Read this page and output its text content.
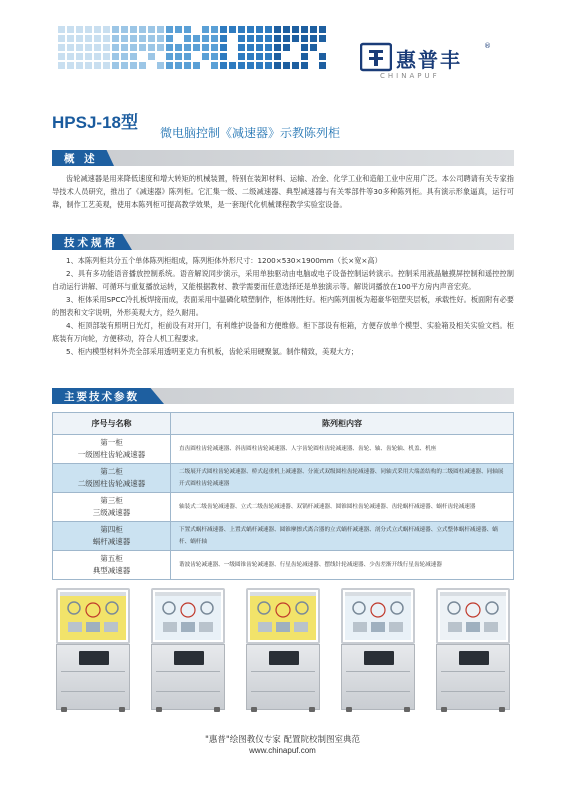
惠普丰
®
CHINAPUF
HPSJ-18型
微电脑控制《减速器》示教陈列柜
概 述

齿轮减速器是用来降低速度和增大转矩的机械装置，特别在装卸材料、运输、冶金、化学工业和造船工业中应用广泛。本公司聘请有关专家指导技术人员研究，推出了《减速器》陈列柜。它汇集一级、二级减速器、典型减速器与有关零部件等30多种陈列柜。具有演示形象逼真，运行可靠，制作工艺美观，使用本陈列柜可提高教学效果，是一套现代化机械课程教学实验室设备。

技术规格

1、本陈列柜共分五个单体陈列柜组成，陈列柜体外形尺寸：1200×530×1900mm（长×宽×高）

2、具有多功能语音播放控制系统。语音解说同步演示，采用单独驱动由电脑或电子设备控制运转演示。控制采用液晶触摸屏控制和遥控控制自动运行讲解、可循环与重复播放运转，又能根据教材、教学需要而任意选择还是单独演示等。解说词播放在100平方房内声音宏亮。

3、柜体采用SPCC冷扎板焊接而成，表面采用中温磷化喷塑制作，柜体刚性好。柜内陈列面板为超豪华铝塑夹层板，承载性好。板面附有必要的图表和文字说明，外形美观大方，经久耐用。

4、柜顶部装有照明日光灯，柜前设有对开门，有利维护设备和方便维修。柜下部设有柜箱，方便存放单个模型、实验箱及相关实验文档。柜底装有万向轮，方便移动，符合人机工程要求。

5、柜内模型材料外壳全部采用透明亚克力有机板，齿轮采用硬聚氯。制作精致，美观大方；

主要技术参数
序号与名称	陈列柜内容

第一柜
一级圆柱齿轮减速器	直齿圆柱齿轮减速器、斜齿圆柱齿轮减速器、人字齿轮圆柱齿轮减速器、齿轮、轴、齿轮轴、机盖、机座

第二柜
二级圆柱齿轮减速器	二级展开式圆柱齿轮减速器、桥式起重机上减速器、分流式双级圆柱齿轮减速器、同轴式采用大端盖结构的二级圆柱减速器、同轴展开式圆柱齿轮减速器

第三柜
三级减速器	轴装式二级齿轮减速器、立式二级齿轮减速器、双锅杆减速器、圆锥圆柱齿轮减速器、齿轮蜗杆减速器、蜗杆齿轮减速器

第四柜
蜗杆减速器	下置式蜗杆减速器、上置式蜗杆减速器、圆锥摩擦式离合器的立式蜗杆减速器、剖分式立式蜗杆减速器、立式整体蜗杆减速器、蜗杆、蜗杆轴

第五柜
典型减速器	谐波齿轮减速器、一级圆锥齿轮减速器、行星齿轮减速器、摆线针轮减速器、少齿差渐开线行星齿轮减速器
"惠普"绘图教仪专家 配置院校制图室典范
www.chinapuf.com
